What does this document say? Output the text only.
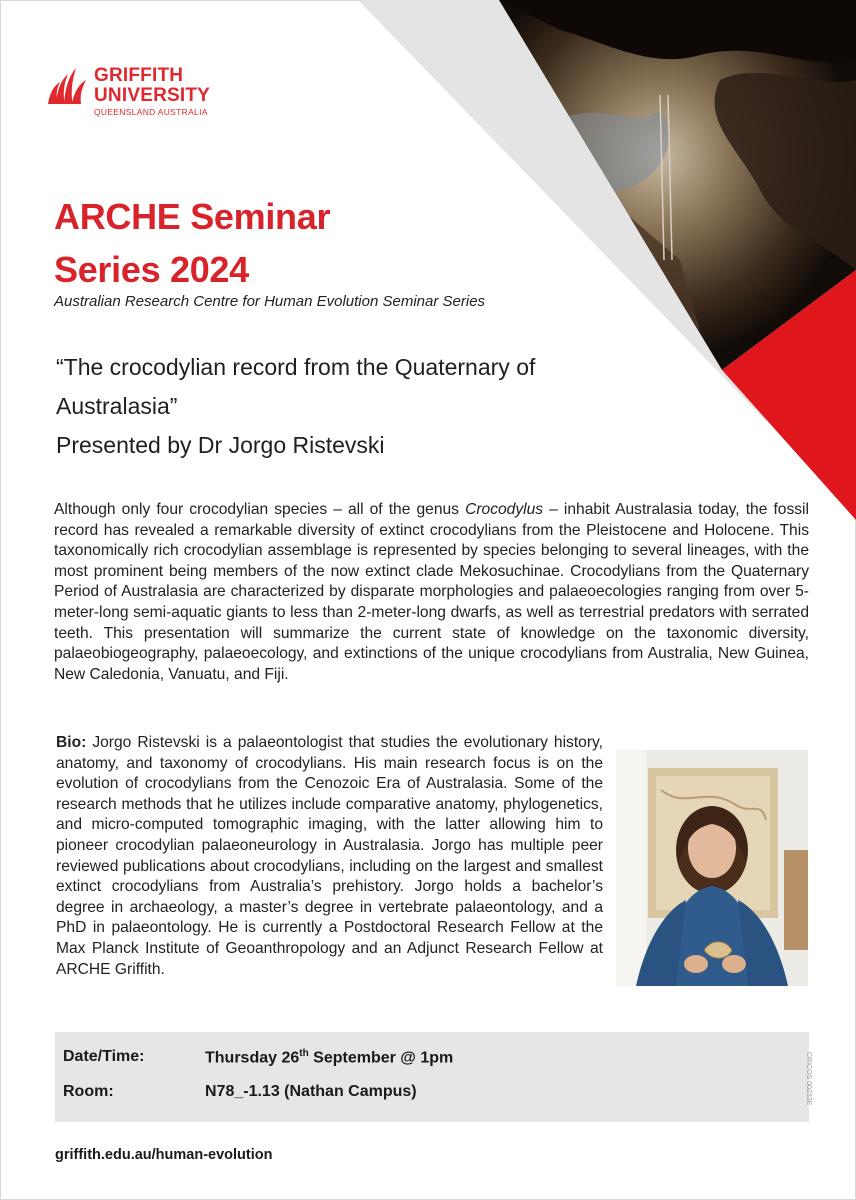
GRIFFITH
UNIVERSITY
QUEENSLAND AUSTRALIA
ARCHE Seminar
Series 2024
Australian Research Centre for Human Evolution Seminar Series
“The crocodylian record from the Quaternary of
Australasia”
Presented by Dr Jorgo Ristevski

Although only four crocodylian species – all of the genus Crocodylus – inhabit Australasia today, the fossil record has revealed a remarkable diversity of extinct crocodylians from the Pleistocene and Holocene. This taxonomically rich crocodylian assemblage is represented by species belonging to several lineages, with the most prominent being members of the now extinct clade Mekosuchinae. Crocodylians from the Quaternary Period of Australasia are characterized by disparate morphologies and palaeoecologies ranging from over 5-meter-long semi-aquatic giants to less than 2-meter-long dwarfs, as well as terrestrial predators with serrated teeth. This presentation will summarize the current state of knowledge on the taxonomic diversity, palaeobiogeography, palaeoecology, and extinctions of the unique crocodylians from Australia, New Guinea, New Caledonia, Vanuatu, and Fiji.

Bio: Jorgo Ristevski is a palaeontologist that studies the evolutionary history, anatomy, and taxonomy of crocodylians. His main research focus is on the evolution of crocodylians from the Cenozoic Era of Australasia. Some of the research methods that he utilizes include comparative anatomy, phylogenetics, and micro-computed tomographic imaging, with the latter allowing him to pioneer crocodylian palaeoneurology in Australasia. Jorgo has multiple peer reviewed publications about crocodylians, including on the largest and smallest extinct crocodylians from Australia’s prehistory. Jorgo holds a bachelor’s degree in archaeology, a master’s degree in vertebrate palaeontology, and a PhD in palaeontology. He is currently a Postdoctoral Research Fellow at the Max Planck Institute of Geoanthropology and an Adjunct Research Fellow at ARCHE Griffith.

Date/Time:	Thursday 26th September @ 1pm
Room:	N78_-1.13 (Nathan Campus)	CRICOS 00233E
griffith.edu.au/human-evolution
